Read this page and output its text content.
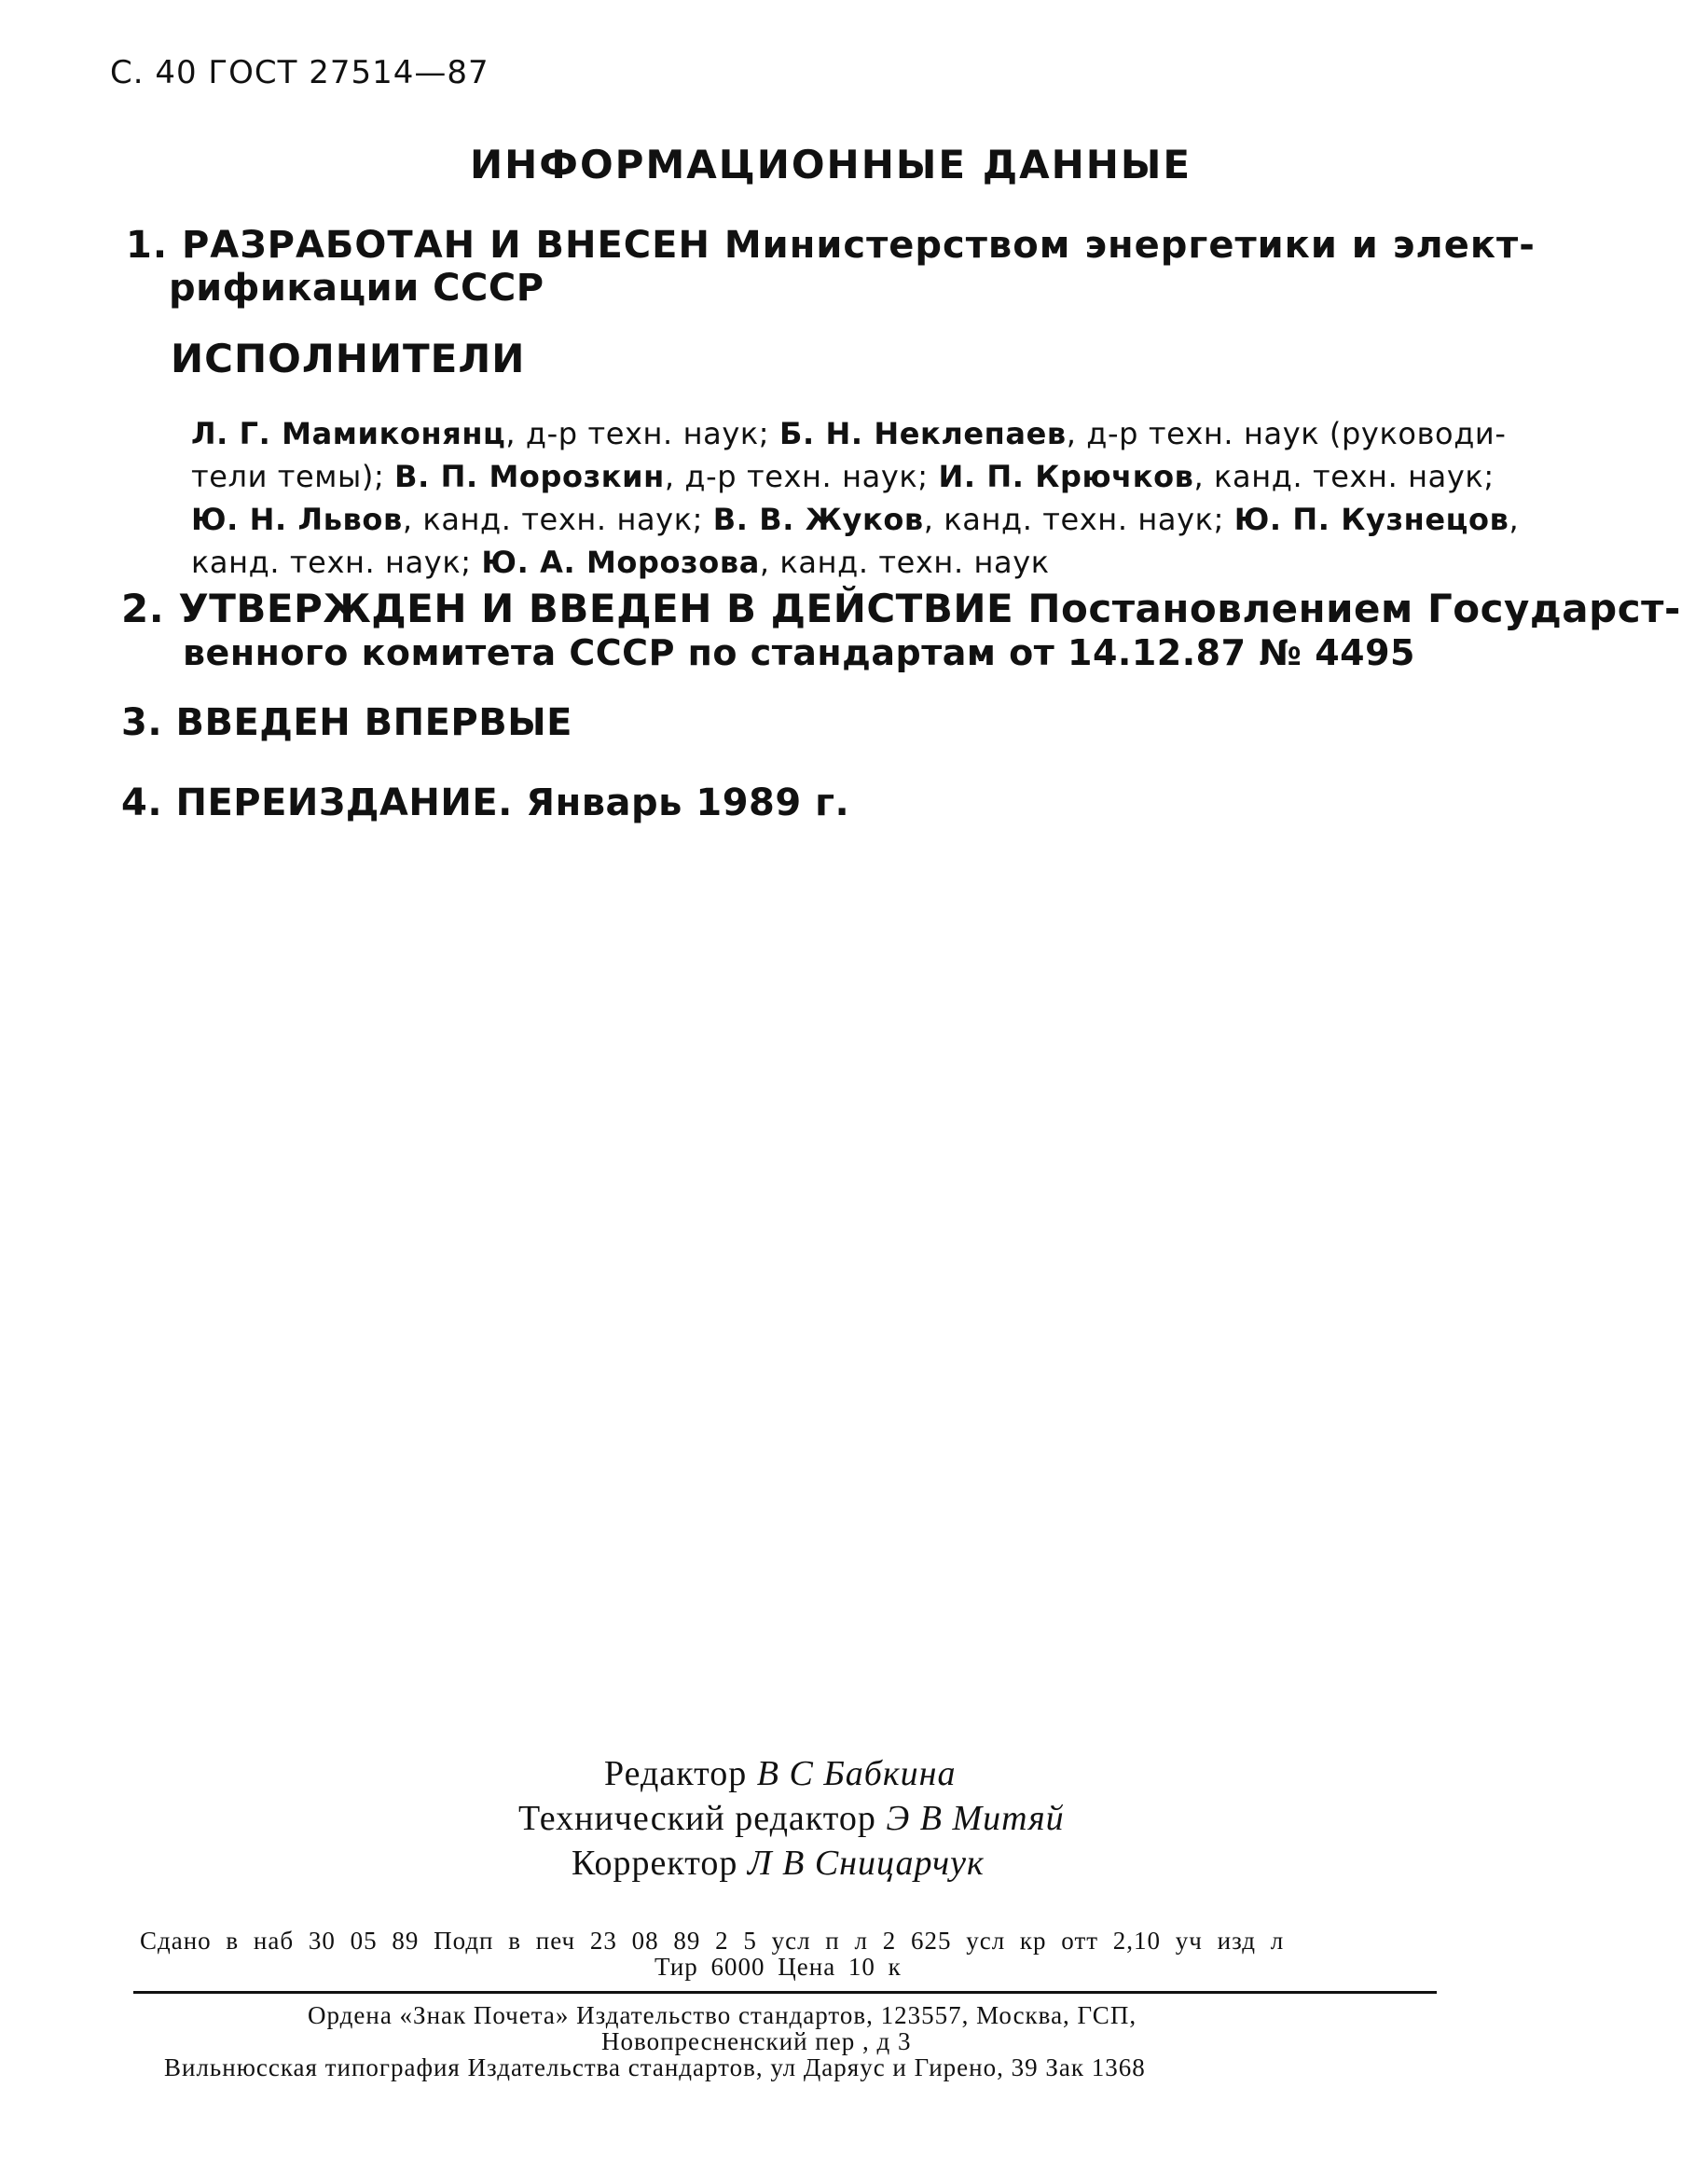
С. 40 ГОСТ 27514—87
ИНФОРМАЦИОННЫЕ ДАННЫЕ
1. РАЗРАБОТАН И ВНЕСЕН Министерством энергетики и элект-
рификации СССР
ИСПОЛНИТЕЛИ
Л. Г. Мамиконянц, д-р техн. наук; Б. Н. Неклепаев, д-р техн. наук (руководи-
тели темы); В. П. Морозкин, д-р техн. наук; И. П. Крючков, канд. техн. наук;
Ю. Н. Львов, канд. техн. наук; В. В. Жуков, канд. техн. наук; Ю. П. Кузнецов,
канд. техн. наук; Ю. А. Морозова, канд. техн. наук
2. УТВЕРЖДЕН И ВВЕДЕН В ДЕЙСТВИЕ Постановлением Государст-
венного комитета СССР по стандартам от 14.12.87 № 4495
3. ВВЕДЕН ВПЕРВЫЕ
4. ПЕРЕИЗДАНИЕ. Январь 1989 г.
Редактор В С Бабкина
Технический редактор Э В Митяй
Корректор Л В Сницарчук
Сдано в наб 30 05 89 Подп в печ 23 08 89 2 5 усл п л 2 625 усл кр отт 2,10 уч изд л
Тир 6000 Цена 10 к
Ордена «Знак Почета» Издательство стандартов, 123557, Москва, ГСП,
Новопресненский пер , д 3
Вильнюсская типография Издательства стандартов, ул Даряус и Гирено, 39 Зак 1368
